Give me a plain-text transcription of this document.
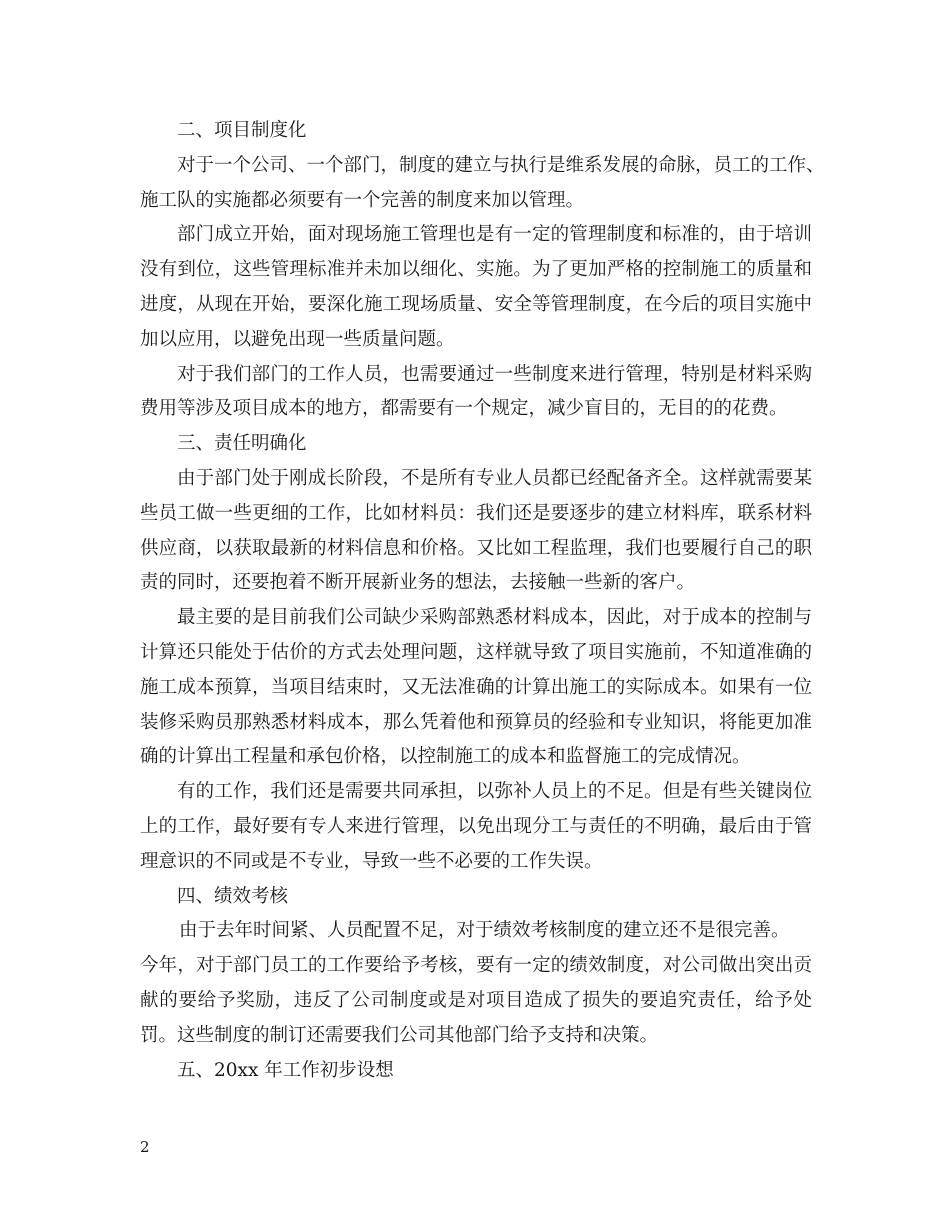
二、项目制度化
对于一个公司、一个部门，制度的建立与执行是维系发展的命脉，员工的工作、
施工队的实施都必须要有一个完善的制度来加以管理。
部门成立开始，面对现场施工管理也是有一定的管理制度和标准的，由于培训
没有到位，这些管理标准并未加以细化、实施。为了更加严格的控制施工的质量和
进度，从现在开始，要深化施工现场质量、安全等管理制度，在今后的项目实施中
加以应用，以避免出现一些质量问题。
对于我们部门的工作人员，也需要通过一些制度来进行管理，特别是材料采购
费用等涉及项目成本的地方，都需要有一个规定，减少盲目的，无目的的花费。
三、责任明确化
由于部门处于刚成长阶段，不是所有专业人员都已经配备齐全。这样就需要某
些员工做一些更细的工作，比如材料员：我们还是要逐步的建立材料库，联系材料
供应商，以获取最新的材料信息和价格。又比如工程监理，我们也要履行自己的职
责的同时，还要抱着不断开展新业务的想法，去接触一些新的客户。
最主要的是目前我们公司缺少采购部熟悉材料成本，因此，对于成本的控制与
计算还只能处于估价的方式去处理问题，这样就导致了项目实施前，不知道准确的
施工成本预算，当项目结束时，又无法准确的计算出施工的实际成本。如果有一位
装修采购员那熟悉材料成本，那么凭着他和预算员的经验和专业知识，将能更加准
确的计算出工程量和承包价格，以控制施工的成本和监督施工的完成情况。
有的工作，我们还是需要共同承担，以弥补人员上的不足。但是有些关键岗位
上的工作，最好要有专人来进行管理，以免出现分工与责任的不明确，最后由于管
理意识的不同或是不专业，导致一些不必要的工作失误。
四、绩效考核
由于去年时间紧、人员配置不足，对于绩效考核制度的建立还不是很完善。
今年，对于部门员工的工作要给予考核，要有一定的绩效制度，对公司做出突出贡
献的要给予奖励，违反了公司制度或是对项目造成了损失的要追究责任，给予处
罚。这些制度的制订还需要我们公司其他部门给予支持和决策。
五、20xx 年工作初步设想
2
